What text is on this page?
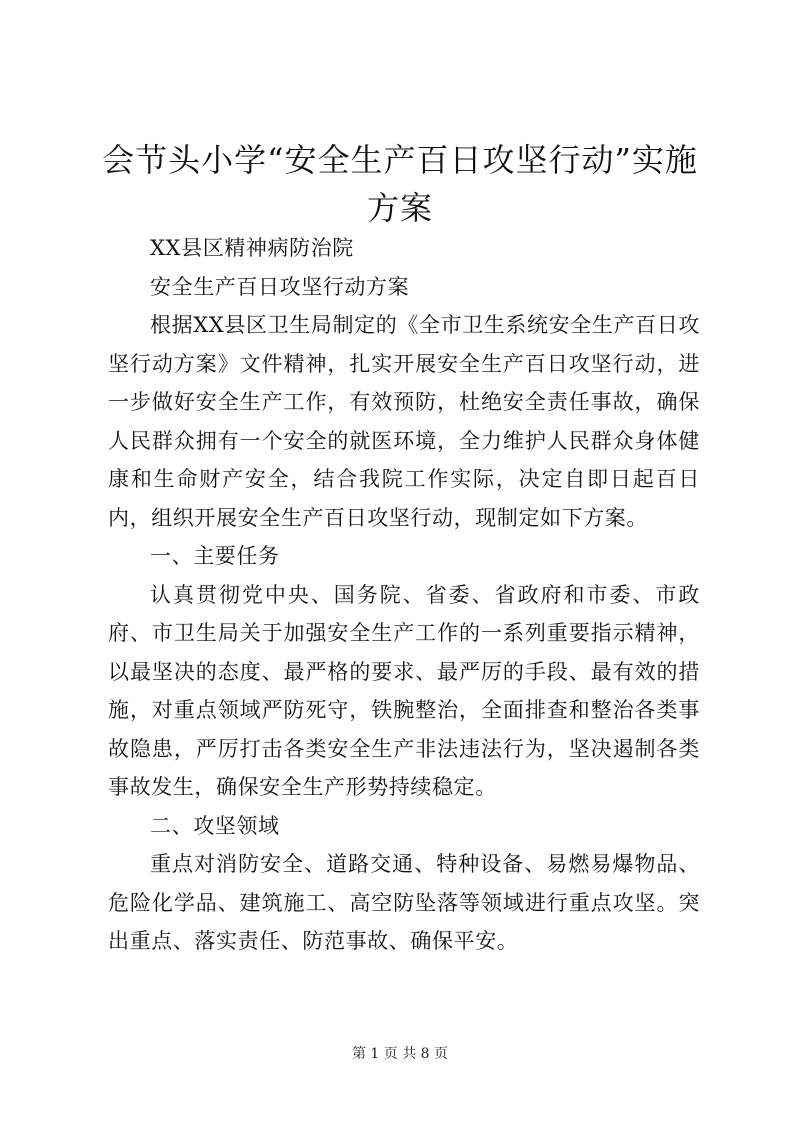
会节头小学“安全生产百日攻坚行动”实施方案

XX县区精神病防治院

安全生产百日攻坚行动方案

根据XX县区卫生局制定的《全市卫生系统安全生产百日攻坚行动方案》文件精神，扎实开展安全生产百日攻坚行动，进一步做好安全生产工作，有效预防，杜绝安全责任事故，确保人民群众拥有一个安全的就医环境，全力维护人民群众身体健康和生命财产安全，结合我院工作实际，决定自即日起百日内，组织开展安全生产百日攻坚行动，现制定如下方案。

一、主要任务

认真贯彻党中央、国务院、省委、省政府和市委、市政府、市卫生局关于加强安全生产工作的一系列重要指示精神，以最坚决的态度、最严格的要求、最严厉的手段、最有效的措施，对重点领域严防死守，铁腕整治，全面排查和整治各类事故隐患，严厉打击各类安全生产非法违法行为，坚决遏制各类事故发生，确保安全生产形势持续稳定。

二、攻坚领域

重点对消防安全、道路交通、特种设备、易燃易爆物品、危险化学品、建筑施工、高空防坠落等领域进行重点攻坚。突出重点、落实责任、防范事故、确保平安。

第 1 页 共 8 页
